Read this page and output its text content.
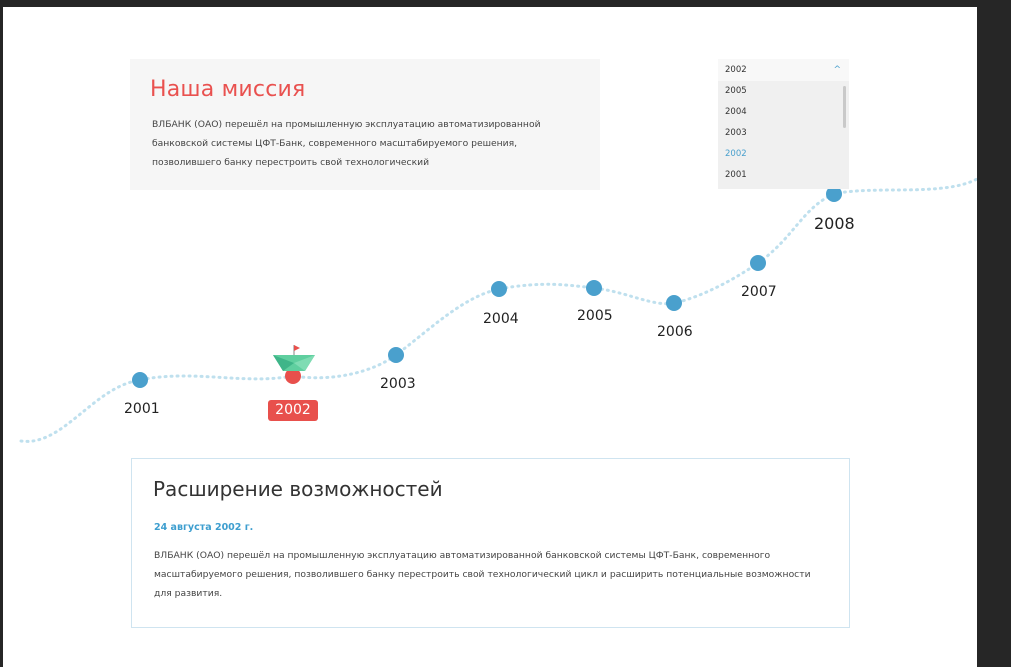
2001
2003
2004	2005
2006
2007
2008
2002
Наша миссия

ВЛБАНК (ОАО) перешёл на промышленную эксплуатацию автоматизированной банковской системы ЦФТ-Банк, современного масштабируемого решения, позволившего банку перестроить свой технологический

2002	^
2005
2004
2003
2002
2001
Расширение возможностей
24 августа 2002 г.

ВЛБАНК (ОАО) перешёл на промышленную эксплуатацию автоматизированной банковской системы ЦФТ-Банк, современного масштабируемого решения, позволившего банку перестроить свой технологический цикл и расширить потенциальные возможности для развития.
